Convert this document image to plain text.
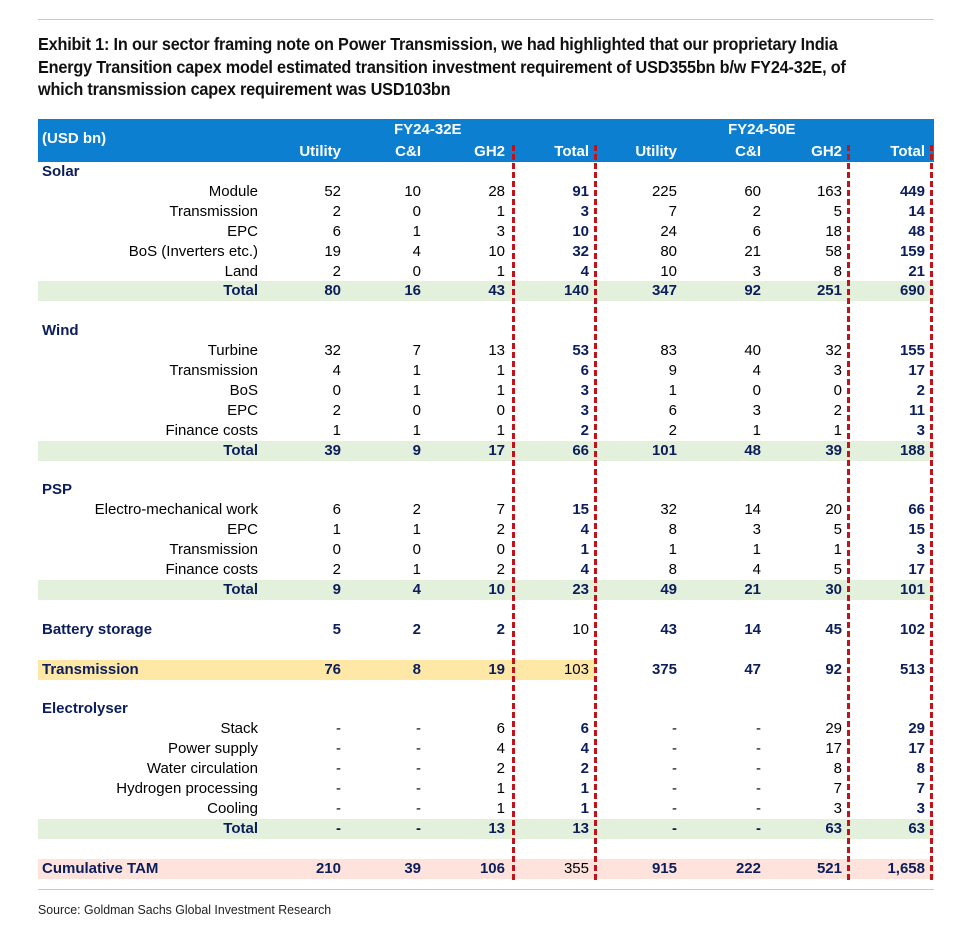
Exhibit 1: In our sector framing note on Power Transmission, we had highlighted that our proprietary India
Energy Transition capex model estimated transition investment requirement of USD355bn b/w FY24-32E, of
which transmission capex requirement was USD103bn
(USD bn)
FY24-32E	FY24-50E
Utility	C&I	GH2	Total	Utility	C&I	GH2	Total
Solar
Module	52	10	28	91	225	60	163	449
Transmission	2	0	1	3	7	2	5	14
EPC	6	1	3	10	24	6	18	48
BoS (Inverters etc.)	19	4	10	32	80	21	58	159
Land	2	0	1	4	10	3	8	21
Total	80	16	43	140	347	92	251	690
Wind
Turbine	32	7	13	53	83	40	32	155
Transmission	4	1	1	6	9	4	3	17
BoS	0	1	1	3	1	0	0	2
EPC	2	0	0	3	6	3	2	11
Finance costs	1	1	1	2	2	1	1	3
Total	39	9	17	66	101	48	39	188
PSP
Electro-mechanical work	6	2	7	15	32	14	20	66
EPC	1	1	2	4	8	3	5	15
Transmission	0	0	0	1	1	1	1	3
Finance costs	2	1	2	4	8	4	5	17
Total	9	4	10	23	49	21	30	101
Battery storage	5	2	2	10	43	14	45	102
Transmission	76	8	19	103	375	47	92	513
Electrolyser
Stack	-	-	6	6	-	-	29	29
Power supply	-	-	4	4	-	-	17	17
Water circulation	-	-	2	2	-	-	8	8
Hydrogen processing	-	-	1	1	-	-	7	7
Cooling	-	-	1	1	-	-	3	3
Total	-	-	13	13	-	-	63	63
Cumulative TAM	210	39	106	355	915	222	521	1,658
Source: Goldman Sachs Global Investment Research
